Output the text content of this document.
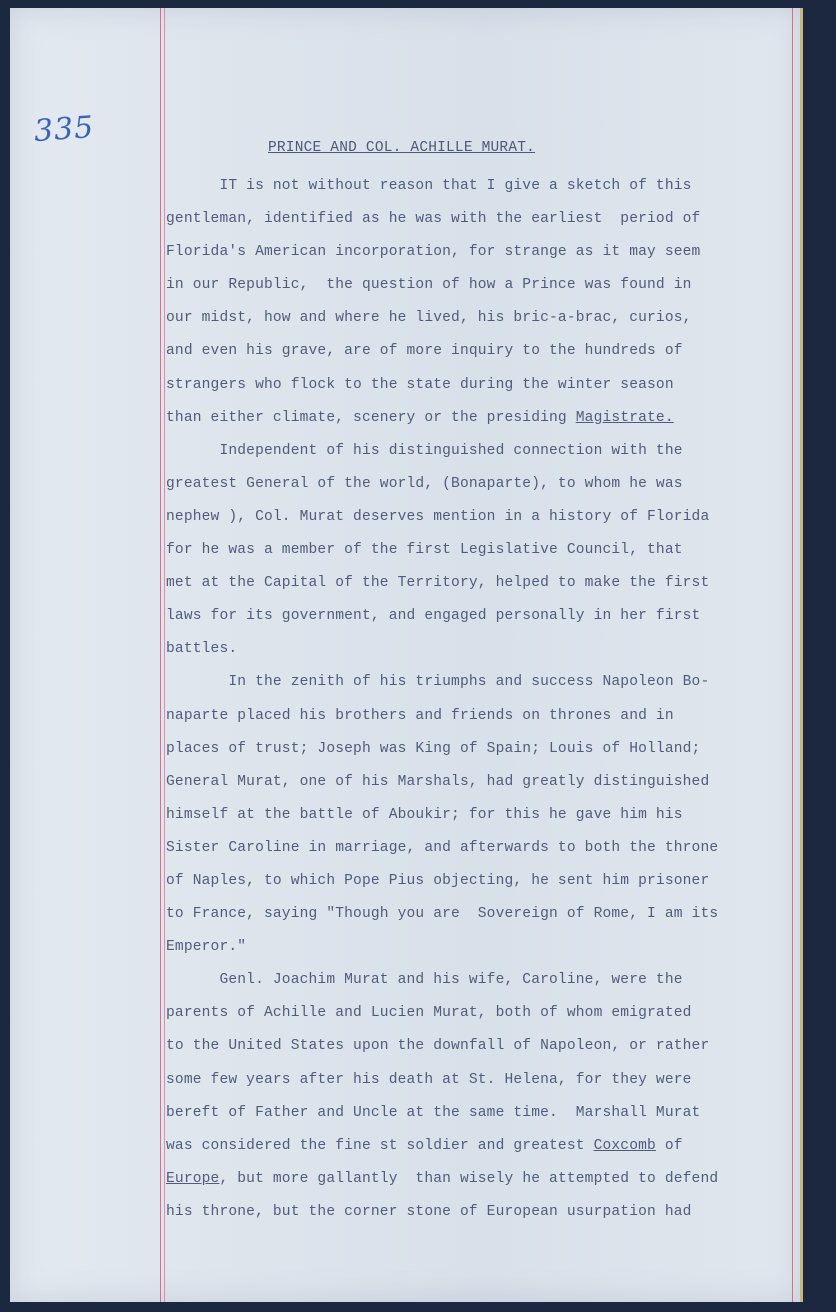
335	PRINCE AND COL. ACHILLE MURAT.
IT is not without reason that I give a sketch of this
gentleman, identified as he was with the earliest  period of
Florida's American incorporation, for strange as it may seem
in our Republic,  the question of how a Prince was found in
our midst, how and where he lived, his bric-a-brac, curios,
and even his grave, are of more inquiry to the hundreds of
strangers who flock to the state during the winter season
than either climate, scenery or the presiding Magistrate.
Independent of his distinguished connection with the
greatest General of the world, (Bonaparte), to whom he was
nephew ), Col. Murat deserves mention in a history of Florida
for he was a member of the first Legislative Council, that
met at the Capital of the Territory, helped to make the first
laws for its government, and engaged personally in her first
battles.
In the zenith of his triumphs and success Napoleon Bo-
naparte placed his brothers and friends on thrones and in
places of trust; Joseph was King of Spain; Louis of Holland;
General Murat, one of his Marshals, had greatly distinguished
himself at the battle of Aboukir; for this he gave him his
Sister Caroline in marriage, and afterwards to both the throne
of Naples, to which Pope Pius objecting, he sent him prisoner
to France, saying "Though you are  Sovereign of Rome, I am its
Emperor."
Genl. Joachim Murat and his wife, Caroline, were the
parents of Achille and Lucien Murat, both of whom emigrated
to the United States upon the downfall of Napoleon, or rather
some few years after his death at St. Helena, for they were
bereft of Father and Uncle at the same time.  Marshall Murat
was considered the fine st soldier and greatest Coxcomb of
Europe, but more gallantly  than wisely he attempted to defend
his throne, but the corner stone of European usurpation had
